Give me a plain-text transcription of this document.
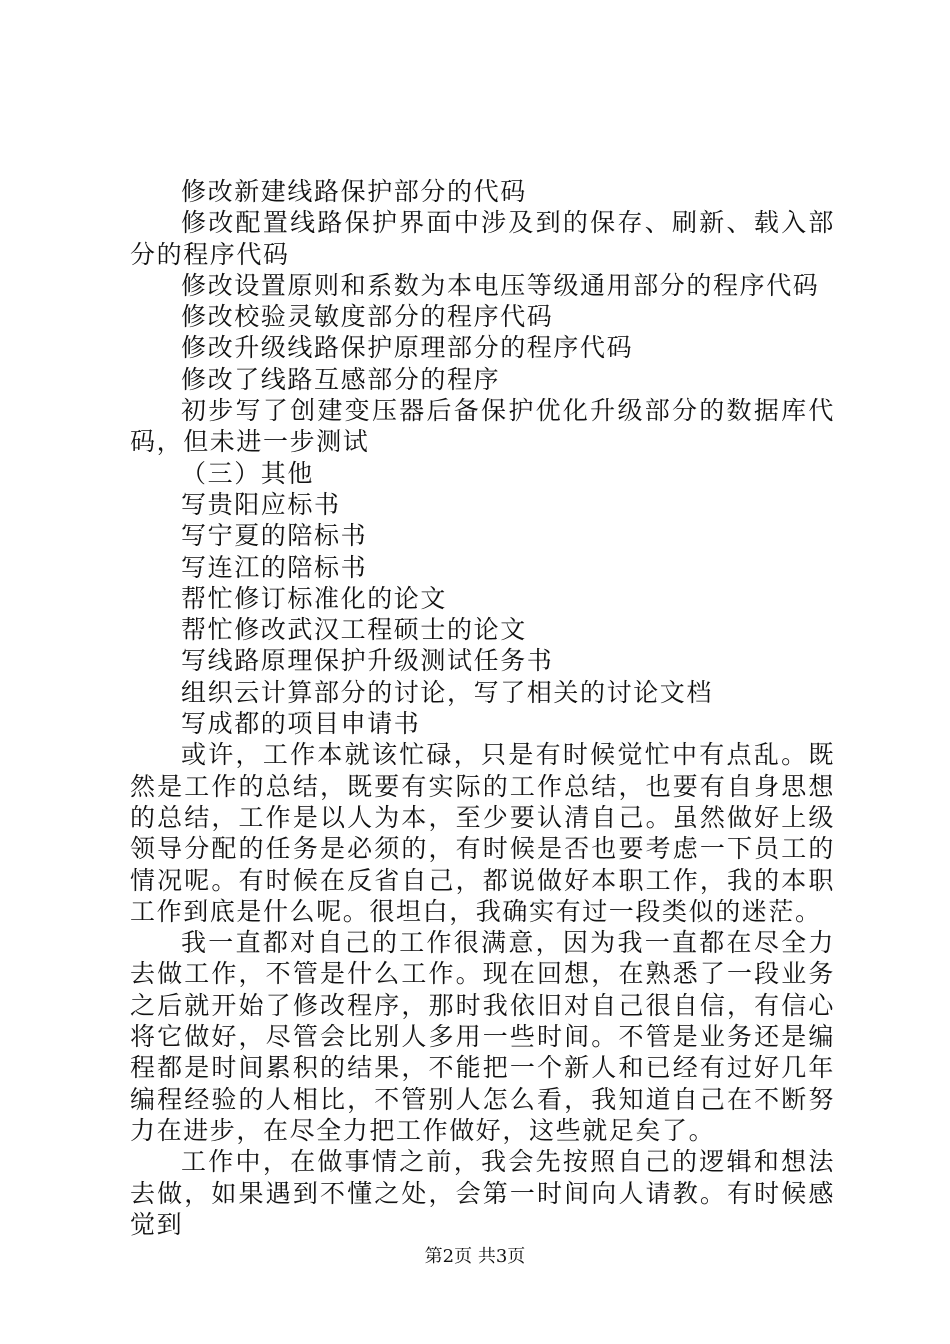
修改新建线路保护部分的代码

修改配置线路保护界面中涉及到的保存、刷新、载入部分的程序代码

修改设置原则和系数为本电压等级通用部分的程序代码

修改校验灵敏度部分的程序代码

修改升级线路保护原理部分的程序代码

修改了线路互感部分的程序

初步写了创建变压器后备保护优化升级部分的数据库代码，但未进一步测试

（三）其他

写贵阳应标书

写宁夏的陪标书

写连江的陪标书

帮忙修订标准化的论文

帮忙修改武汉工程硕士的论文

写线路原理保护升级测试任务书

组织云计算部分的讨论，写了相关的讨论文档

写成都的项目申请书

或许，工作本就该忙碌，只是有时候觉忙中有点乱。既然是工作的总结，既要有实际的工作总结，也要有自身思想的总结，工作是以人为本，至少要认清自己。虽然做好上级领导分配的任务是必须的，有时候是否也要考虑一下员工的情况呢。有时候在反省自己，都说做好本职工作，我的本职工作到底是什么呢。很坦白，我确实有过一段类似的迷茫。

我一直都对自己的工作很满意，因为我一直都在尽全力去做工作，不管是什么工作。现在回想，在熟悉了一段业务之后就开始了修改程序，那时我依旧对自己很自信，有信心将它做好，尽管会比别人多用一些时间。不管是业务还是编程都是时间累积的结果，不能把一个新人和已经有过好几年编程经验的人相比，不管别人怎么看，我知道自己在不断努力在进步，在尽全力把工作做好，这些就足矣了。

工作中，在做事情之前，我会先按照自己的逻辑和想法去做，如果遇到不懂之处，会第一时间向人请教。有时候感觉到

第2页 共3页
